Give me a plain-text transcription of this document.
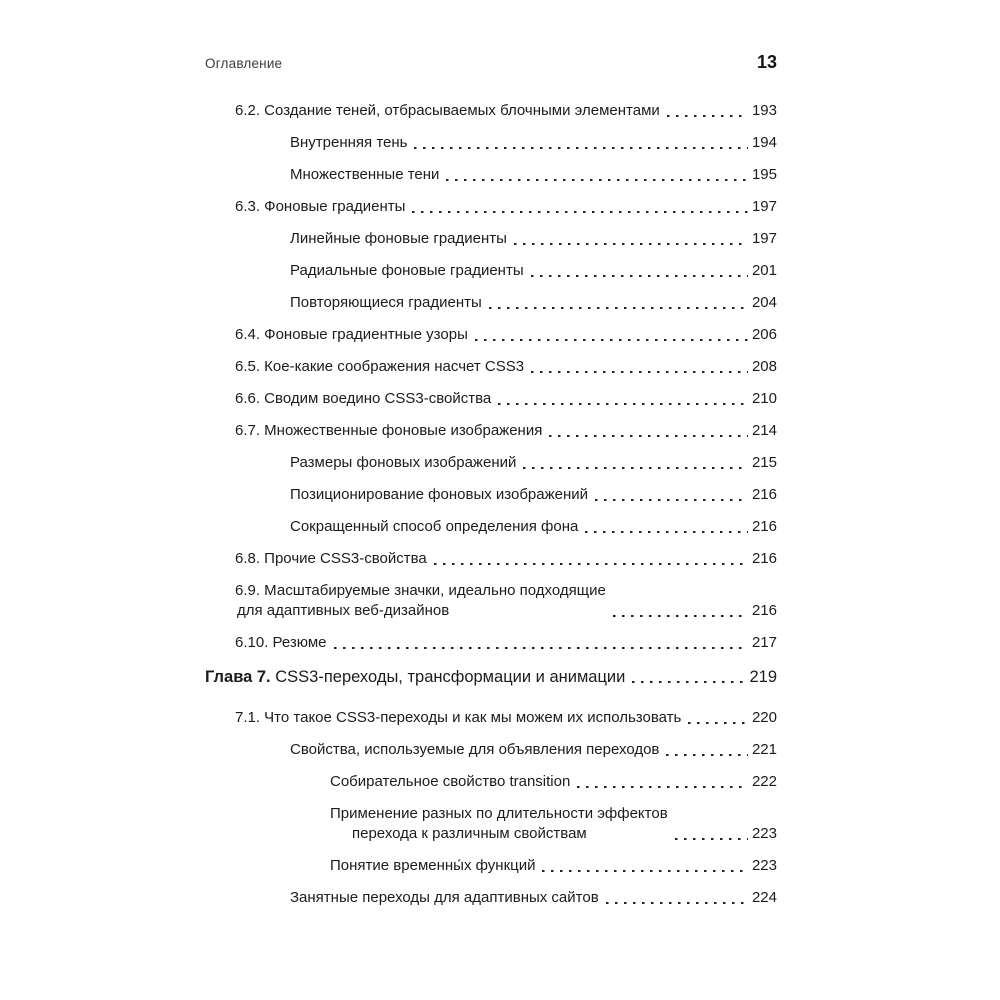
Оглавление	13
6.2. Создание теней, отбрасываемых блочными элементами	193
Внутренняя тень	194
Множественные тени	195
6.3. Фоновые градиенты	197
Линейные фоновые градиенты	197
Радиальные фоновые градиенты	201
Повторяющиеся градиенты	204
6.4. Фоновые градиентные узоры	206
6.5. Кое-какие соображения насчет CSS3	208
6.6. Сводим воедино CSS3-свойства	210
6.7. Множественные фоновые изображения	214
Размеры фоновых изображений	215
Позиционирование фоновых изображений	216
Сокращенный способ определения фона	216
6.8. Прочие CSS3-свойства	216
6.9. Масштабируемые значки, идеально подходящие
для адаптивных веб-дизайнов	216
6.10. Резюме	217
Глава 7. CSS3-переходы, трансформации и анимации	219
7.1. Что такое CSS3-переходы и как мы можем их использовать	220
Свойства, используемые для объявления переходов	221
Собирательное свойство transition	222
Применение разных по длительности эффектов
перехода к различным свойствам	223
Понятие временны́х функций	223
Занятные переходы для адаптивных сайтов	224
